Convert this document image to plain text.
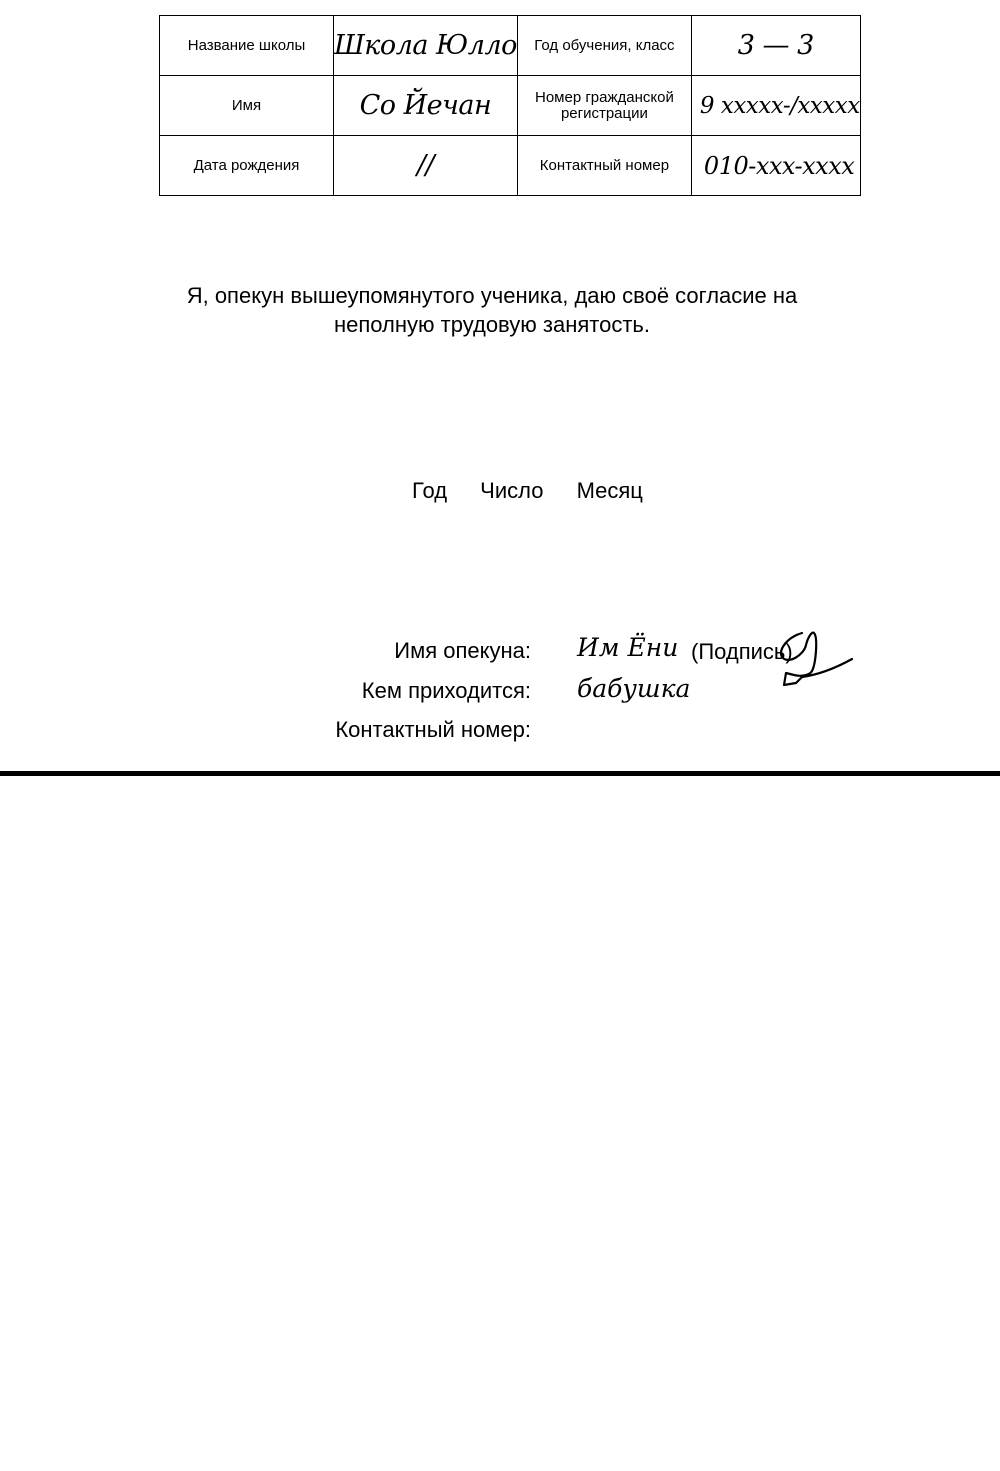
Название школы	Школа Юлло	Год обучения, класс	3 — 3
Имя	Со Йечан	Номер гражданской регистрации	9 xxxxx-/xxxxx
Дата рождения	//	Контактный номер	010-xxx-xxxx
Я, опекун вышеупомянутого ученика, даю своё согласие на неполную трудовую занятость.
Год Число Месяц
Имя опекуна: Им Ёни (Подпись)
Кем приходится: бабушка
Контактный номер:
